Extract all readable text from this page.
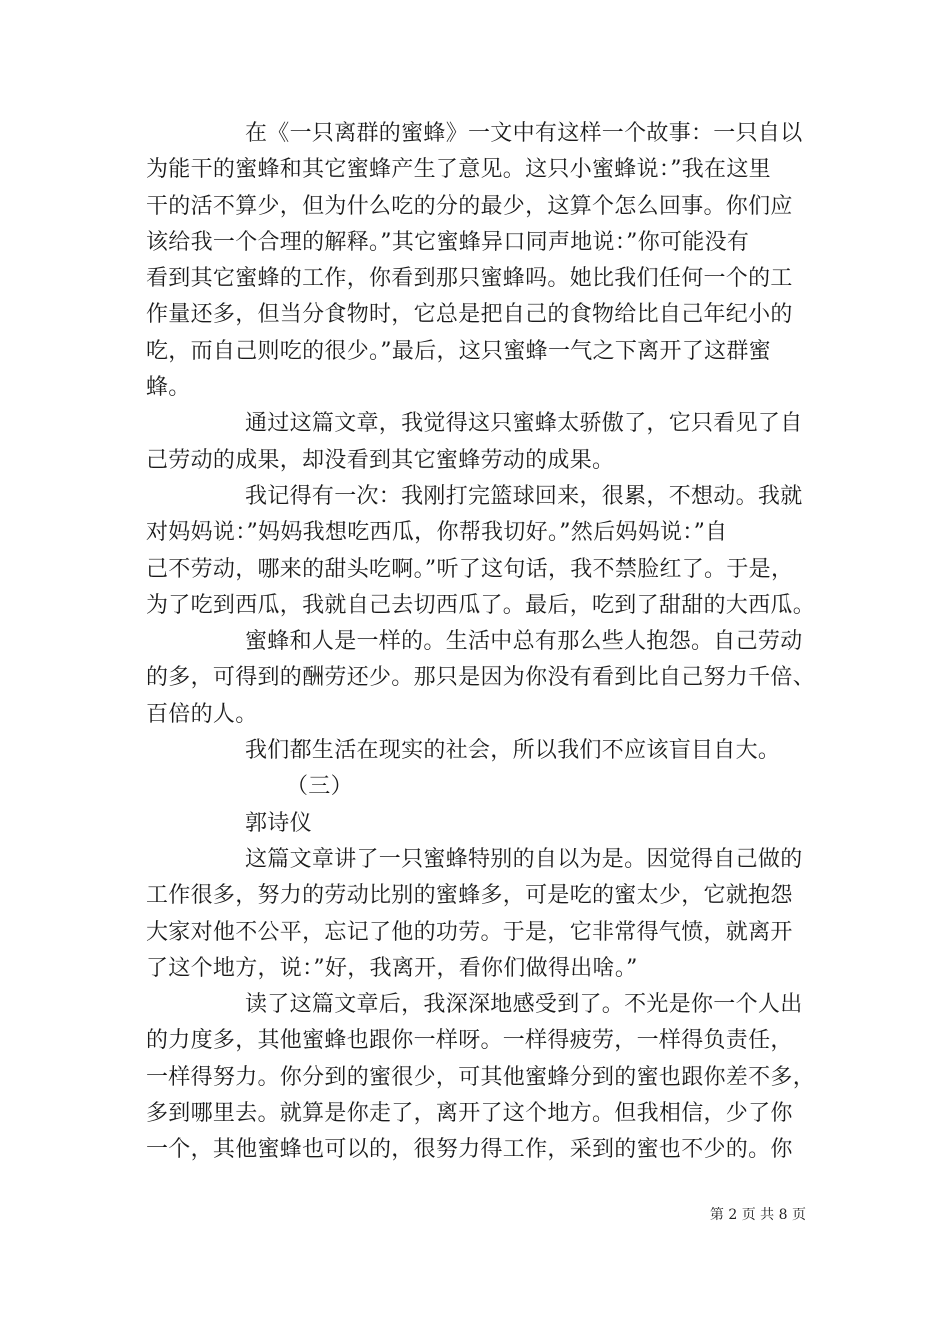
在《一只离群的蜜蜂》一文中有这样一个故事：一只自以
为能干的蜜蜂和其它蜜蜂产生了意见。这只小蜜蜂说：”我在这里
干的活不算少，但为什么吃的分的最少，这算个怎么回事。你们应
该给我一个合理的解释。”其它蜜蜂异口同声地说：”你可能没有
看到其它蜜蜂的工作，你看到那只蜜蜂吗。她比我们任何一个的工
作量还多，但当分食物时，它总是把自己的食物给比自己年纪小的
吃，而自己则吃的很少。”最后，这只蜜蜂一气之下离开了这群蜜
蜂。
通过这篇文章，我觉得这只蜜蜂太骄傲了，它只看见了自
己劳动的成果，却没看到其它蜜蜂劳动的成果。
我记得有一次：我刚打完篮球回来，很累，不想动。我就
对妈妈说：”妈妈我想吃西瓜，你帮我切好。”然后妈妈说：”自
己不劳动，哪来的甜头吃啊。”听了这句话，我不禁脸红了。于是，
为了吃到西瓜，我就自己去切西瓜了。最后，吃到了甜甜的大西瓜。
蜜蜂和人是一样的。生活中总有那么些人抱怨。自己劳动
的多，可得到的酬劳还少。那只是因为你没有看到比自己努力千倍、
百倍的人。
我们都生活在现实的社会，所以我们不应该盲目自大。
（三）
郭诗仪
这篇文章讲了一只蜜蜂特别的自以为是。因觉得自己做的
工作很多，努力的劳动比别的蜜蜂多，可是吃的蜜太少，它就抱怨
大家对他不公平，忘记了他的功劳。于是，它非常得气愤，就离开
了这个地方，说：”好，我离开，看你们做得出啥。”
读了这篇文章后，我深深地感受到了。不光是你一个人出
的力度多，其他蜜蜂也跟你一样呀。一样得疲劳，一样得负责任，
一样得努力。你分到的蜜很少，可其他蜜蜂分到的蜜也跟你差不多，
多到哪里去。就算是你走了，离开了这个地方。但我相信，少了你
一个，其他蜜蜂也可以的，很努力得工作，采到的蜜也不少的。你
第 2 页 共 8 页
